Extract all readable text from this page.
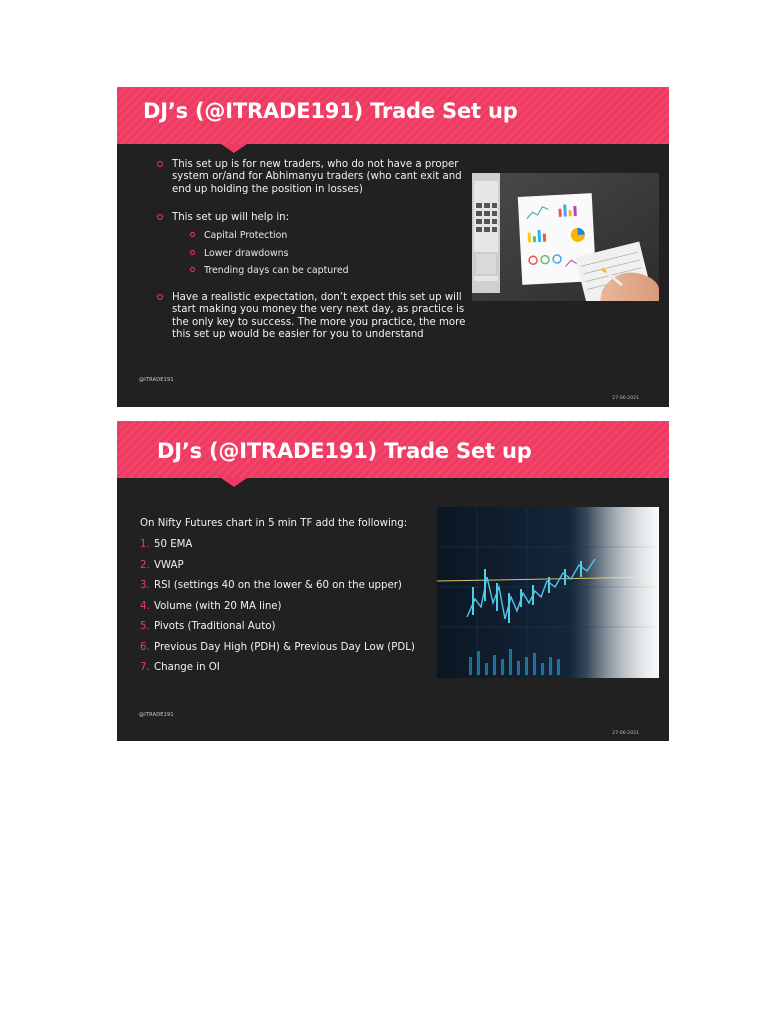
DJ’s (@ITRADE191) Trade Set up
This set up is for new traders, who do not have a proper system or/and for Abhimanyu traders (who cant exit and end up holding the position in losses)
This set up will help in:
Capital Protection
Lower drawdowns
Trending days can be captured
Have a realistic expectation, don’t expect this set up will start making you money the very next day, as practice is the only key to success. The more you practice, the more this set up would be easier for you to understand
@ITRADE191
27-06-2021
DJ’s (@ITRADE191) Trade Set up
On Nifty Futures chart in 5 min TF add the following:
1. 50 EMA
2. VWAP
3. RSI (settings 40 on the lower & 60 on the upper)
4. Volume (with 20 MA line)
5. Pivots (Traditional Auto)
6. Previous Day High (PDH) & Previous Day Low (PDL)
7. Change in OI
@ITRADE191
27-06-2021
